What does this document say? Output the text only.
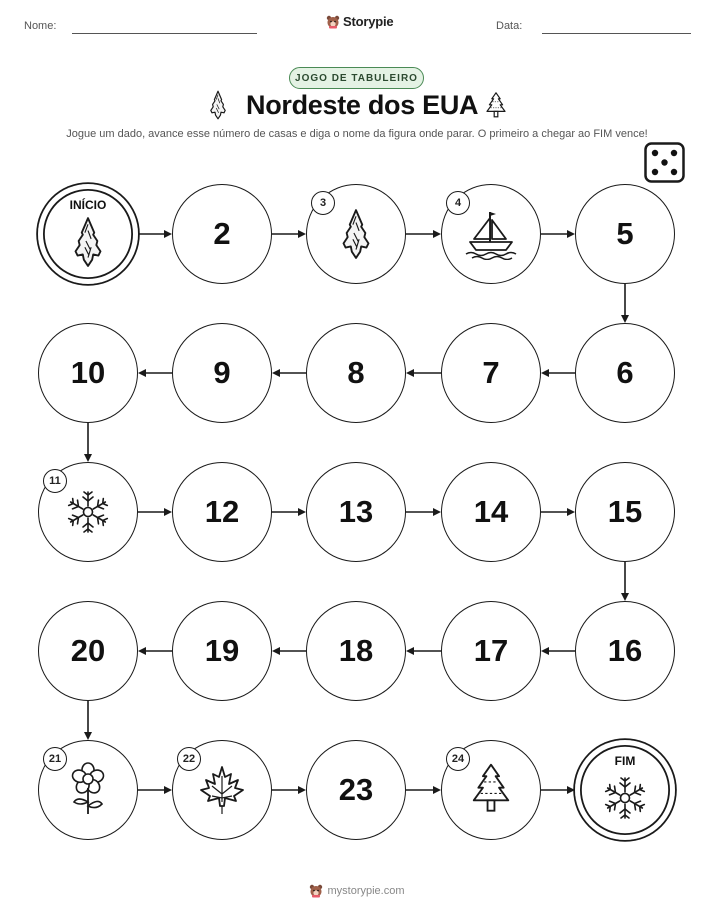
Nome:	Storypie	Data:
JOGO DE TABULEIRO
Nordeste dos EUA
Jogue um dado, avance esse número de casas e diga o nome da figura onde parar. O primeiro a chegar ao FIM vence!
INÍCIO
2
3	4
5
6
7
8
9
10
11
12	13	14	15
16
17
18
19
20
21	22
23
24	FIM
mystorypie.com
